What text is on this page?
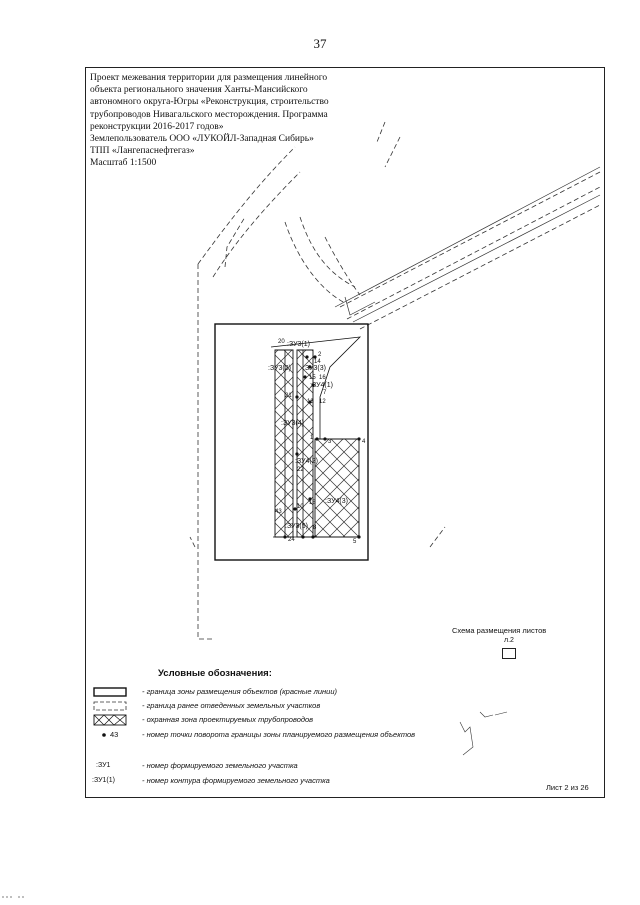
37
Проект межевания территории для размещения линейного
объекта регионального значения Ханты-Мансийского
автономного округа-Югры «Реконструкция, строительство
трубопроводов Нивагальского месторождения. Программа
реконструкции 2016-2017 годов»
Землепользователь ООО «ЛУКОЙЛ-Западная Сибирь»
ТПП «Лангепаснефтегаз»
Масштаб 1:1500
:ЗУ3(2)
:ЗУ3(1)
:ЗУ3(3)
:ЗУ4(1)
:ЗУ3(4)
:ЗУ4(2)
:ЗУ4(3)
:ЗУ3(5)
2
1
3	4
5
7
8
10
12
13
14
15 16
18
20
21
22
24
43
Схема размещения листов
л.2
Условные обозначения:
- граница зоны размещения объектов (красные линии)
- граница ранее отведенных земельных участков
- охранная зона проектируемых трубопроводов
43	- номер точки поворота границы зоны планируемого размещения объектов
:ЗУ1	- номер формируемого земельного участка
:ЗУ1(1)	- номер контура формируемого земельного участка
Лист 2 из 26
